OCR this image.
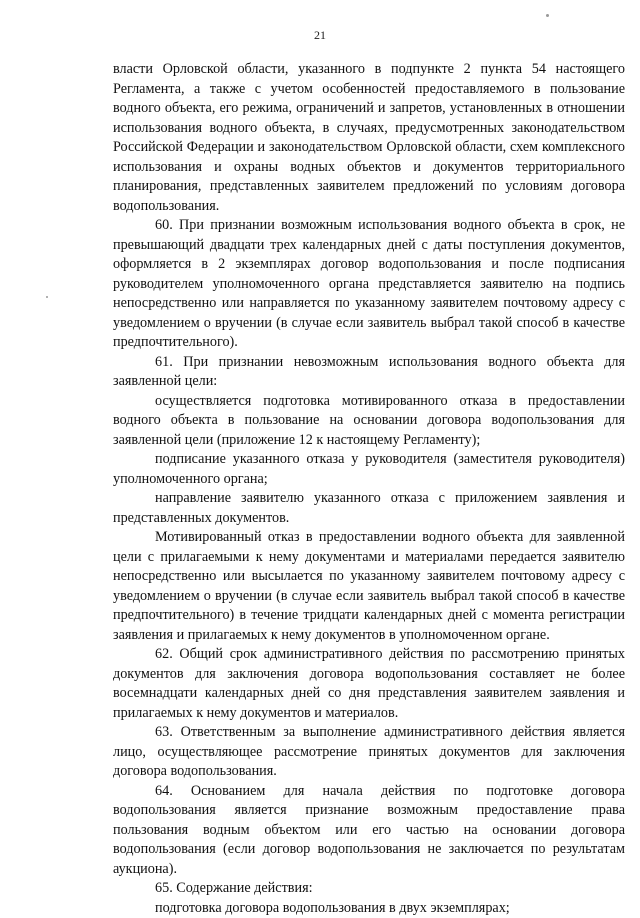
21

власти Орловской области, указанного в подпункте 2 пункта 54 настоящего Регламента, а также с учетом особенностей предоставляемого в пользование водного объекта, его режима, ограничений и запретов, установленных в отношении использования водного объекта, в случаях, предусмотренных законодательством Российской Федерации и законодательством Орловской области, схем комплексного использования и охраны водных объектов и документов территориального планирования, представленных заявителем предложений по условиям договора водопользования.

60. При признании возможным использования водного объекта в срок, не превышающий двадцати трех календарных дней с даты поступления документов, оформляется в 2 экземплярах договор водопользования и после подписания руководителем уполномоченного органа представляется заявителю на подпись непосредственно или направляется по указанному заявителем почтовому адресу с уведомлением о вручении (в случае если заявитель выбрал такой способ в качестве предпочтительного).

61. При признании невозможным использования водного объекта для заявленной цели:

осуществляется подготовка мотивированного отказа в предоставлении водного объекта в пользование на основании договора водопользования для заявленной цели (приложение 12 к настоящему Регламенту);

подписание указанного отказа у руководителя (заместителя руководителя) уполномоченного органа;

направление заявителю указанного отказа с приложением заявления и представленных документов.

Мотивированный отказ в предоставлении водного объекта для заявленной цели с прилагаемыми к нему документами и материалами передается заявителю непосредственно или высылается по указанному заявителем почтовому адресу с уведомлением о вручении (в случае если заявитель выбрал такой способ в качестве предпочтительного) в течение тридцати календарных дней с момента регистрации заявления и прилагаемых к нему документов в уполномоченном органе.

62. Общий срок административного действия по рассмотрению принятых документов для заключения договора водопользования составляет не более восемнадцати календарных дней со дня представления заявителем заявления и прилагаемых к нему документов и материалов.

63. Ответственным за выполнение административного действия является лицо, осуществляющее рассмотрение принятых документов для заключения договора водопользования.

64. Основанием для начала действия по подготовке договора водопользования является признание возможным предоставление права пользования водным объектом или его частью на основании договора водопользования (если договор водопользования не заключается по результатам аукциона).

65. Содержание действия:

подготовка договора водопользования в двух экземплярах;
